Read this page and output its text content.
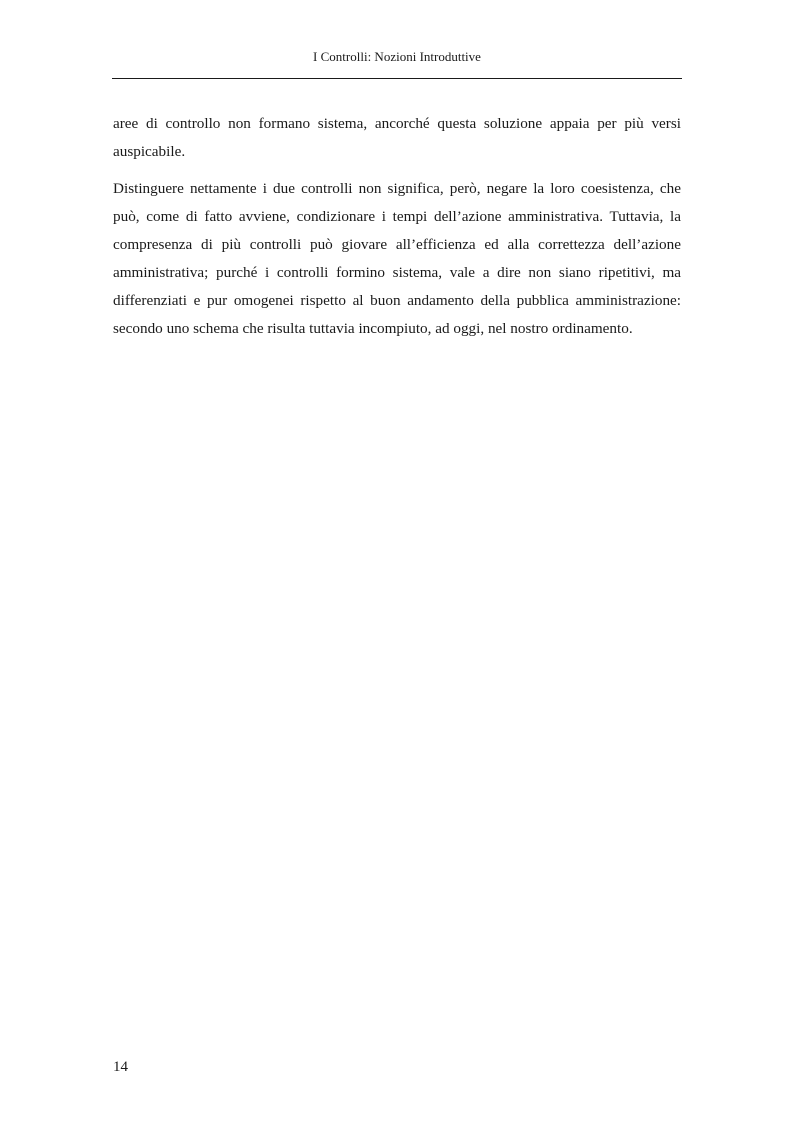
I Controlli: Nozioni Introduttive

aree di controllo non formano sistema, ancorché questa soluzione appaia per più versi auspicabile.

Distinguere nettamente i due controlli non significa, però, negare la loro coesistenza, che può, come di fatto avviene, condizionare i tempi dell’azione amministrativa. Tuttavia, la compresenza di più controlli può giovare all’efficienza ed alla correttezza dell’azione amministrativa; purché i controlli formino sistema, vale a dire non siano ripetitivi, ma differenziati e pur omogenei rispetto al buon andamento della pubblica amministrazione: secondo uno schema che risulta tuttavia incompiuto, ad oggi, nel nostro ordinamento.

14
